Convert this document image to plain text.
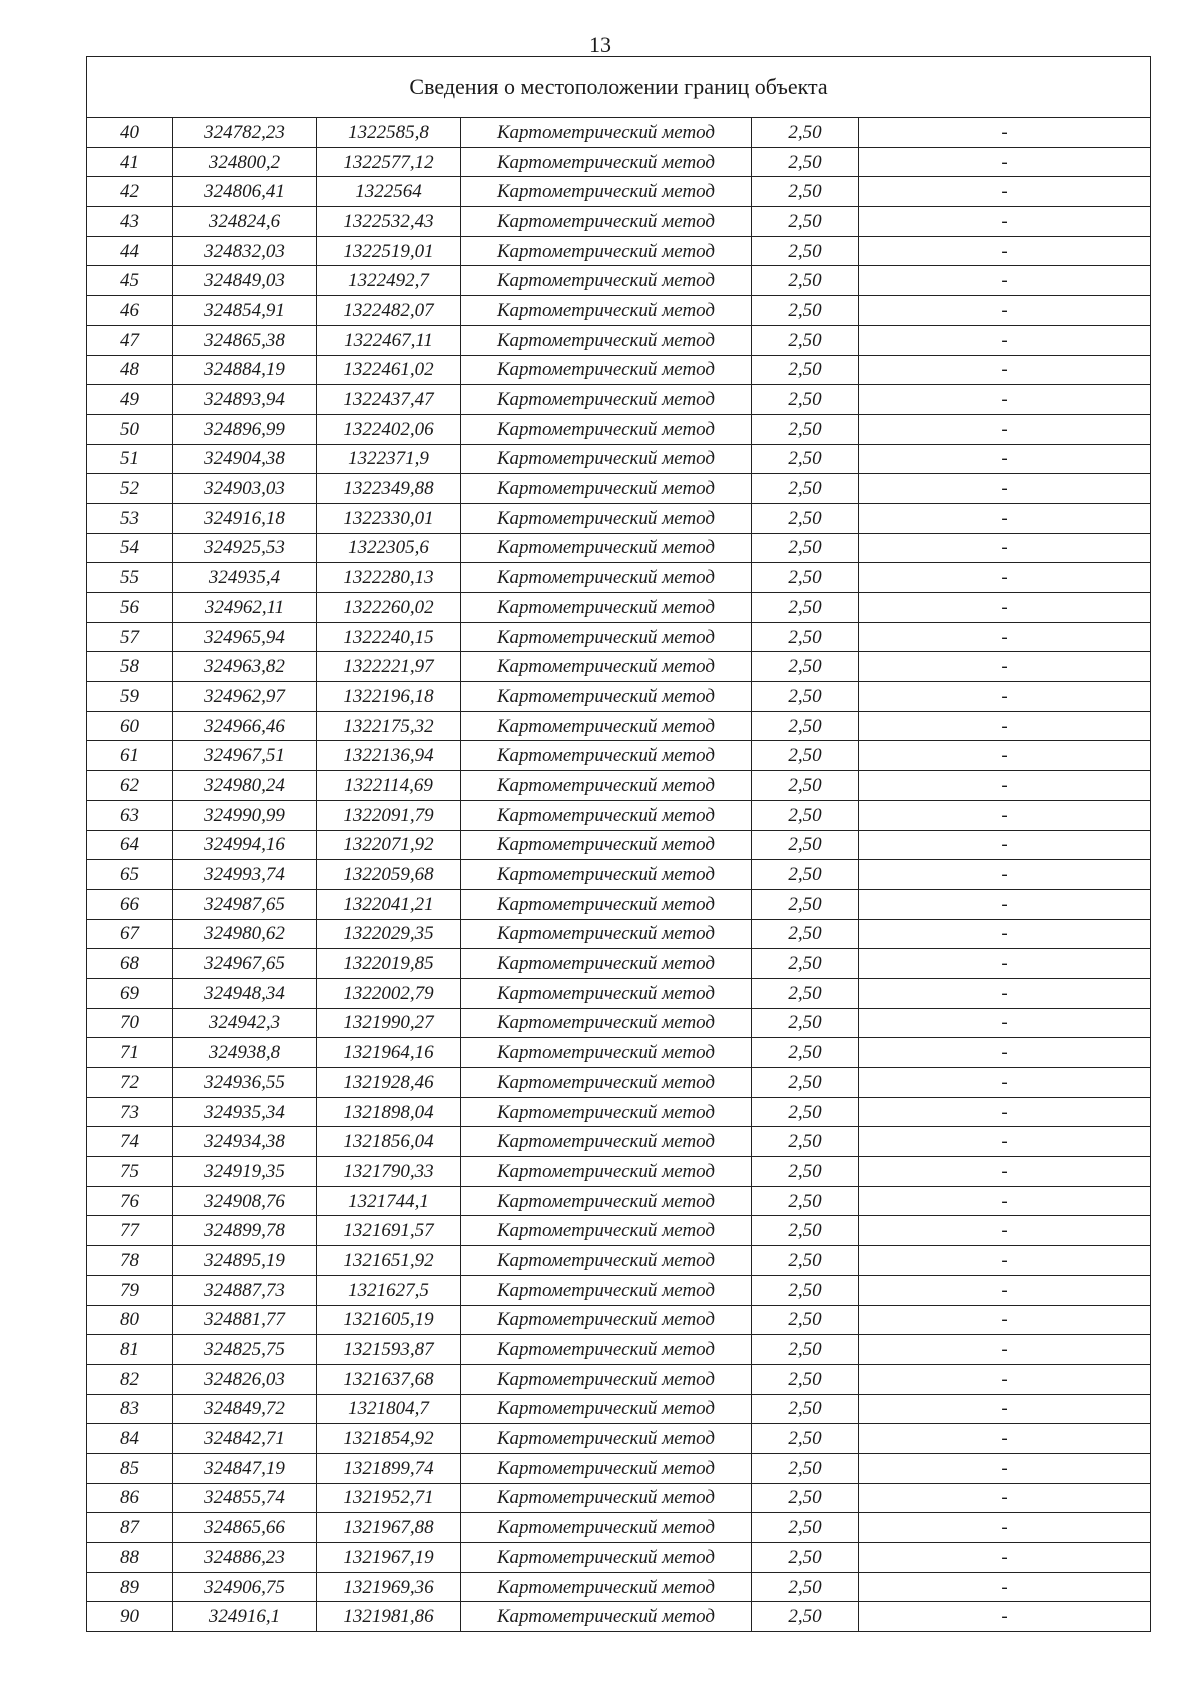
13
Сведения о местоположении границ объекта					
40	324782,23	1322585,8	Картометрический метод	2,50	-
41	324800,2	1322577,12	Картометрический метод	2,50	-
42	324806,41	1322564	Картометрический метод	2,50	-
43	324824,6	1322532,43	Картометрический метод	2,50	-
44	324832,03	1322519,01	Картометрический метод	2,50	-
45	324849,03	1322492,7	Картометрический метод	2,50	-
46	324854,91	1322482,07	Картометрический метод	2,50	-
47	324865,38	1322467,11	Картометрический метод	2,50	-
48	324884,19	1322461,02	Картометрический метод	2,50	-
49	324893,94	1322437,47	Картометрический метод	2,50	-
50	324896,99	1322402,06	Картометрический метод	2,50	-
51	324904,38	1322371,9	Картометрический метод	2,50	-
52	324903,03	1322349,88	Картометрический метод	2,50	-
53	324916,18	1322330,01	Картометрический метод	2,50	-
54	324925,53	1322305,6	Картометрический метод	2,50	-
55	324935,4	1322280,13	Картометрический метод	2,50	-
56	324962,11	1322260,02	Картометрический метод	2,50	-
57	324965,94	1322240,15	Картометрический метод	2,50	-
58	324963,82	1322221,97	Картометрический метод	2,50	-
59	324962,97	1322196,18	Картометрический метод	2,50	-
60	324966,46	1322175,32	Картометрический метод	2,50	-
61	324967,51	1322136,94	Картометрический метод	2,50	-
62	324980,24	1322114,69	Картометрический метод	2,50	-
63	324990,99	1322091,79	Картометрический метод	2,50	-
64	324994,16	1322071,92	Картометрический метод	2,50	-
65	324993,74	1322059,68	Картометрический метод	2,50	-
66	324987,65	1322041,21	Картометрический метод	2,50	-
67	324980,62	1322029,35	Картометрический метод	2,50	-
68	324967,65	1322019,85	Картометрический метод	2,50	-
69	324948,34	1322002,79	Картометрический метод	2,50	-
70	324942,3	1321990,27	Картометрический метод	2,50	-
71	324938,8	1321964,16	Картометрический метод	2,50	-
72	324936,55	1321928,46	Картометрический метод	2,50	-
73	324935,34	1321898,04	Картометрический метод	2,50	-
74	324934,38	1321856,04	Картометрический метод	2,50	-
75	324919,35	1321790,33	Картометрический метод	2,50	-
76	324908,76	1321744,1	Картометрический метод	2,50	-
77	324899,78	1321691,57	Картометрический метод	2,50	-
78	324895,19	1321651,92	Картометрический метод	2,50	-
79	324887,73	1321627,5	Картометрический метод	2,50	-
80	324881,77	1321605,19	Картометрический метод	2,50	-
81	324825,75	1321593,87	Картометрический метод	2,50	-
82	324826,03	1321637,68	Картометрический метод	2,50	-
83	324849,72	1321804,7	Картометрический метод	2,50	-
84	324842,71	1321854,92	Картометрический метод	2,50	-
85	324847,19	1321899,74	Картометрический метод	2,50	-
86	324855,74	1321952,71	Картометрический метод	2,50	-
87	324865,66	1321967,88	Картометрический метод	2,50	-
88	324886,23	1321967,19	Картометрический метод	2,50	-
89	324906,75	1321969,36	Картометрический метод	2,50	-
90	324916,1	1321981,86	Картометрический метод	2,50	-
